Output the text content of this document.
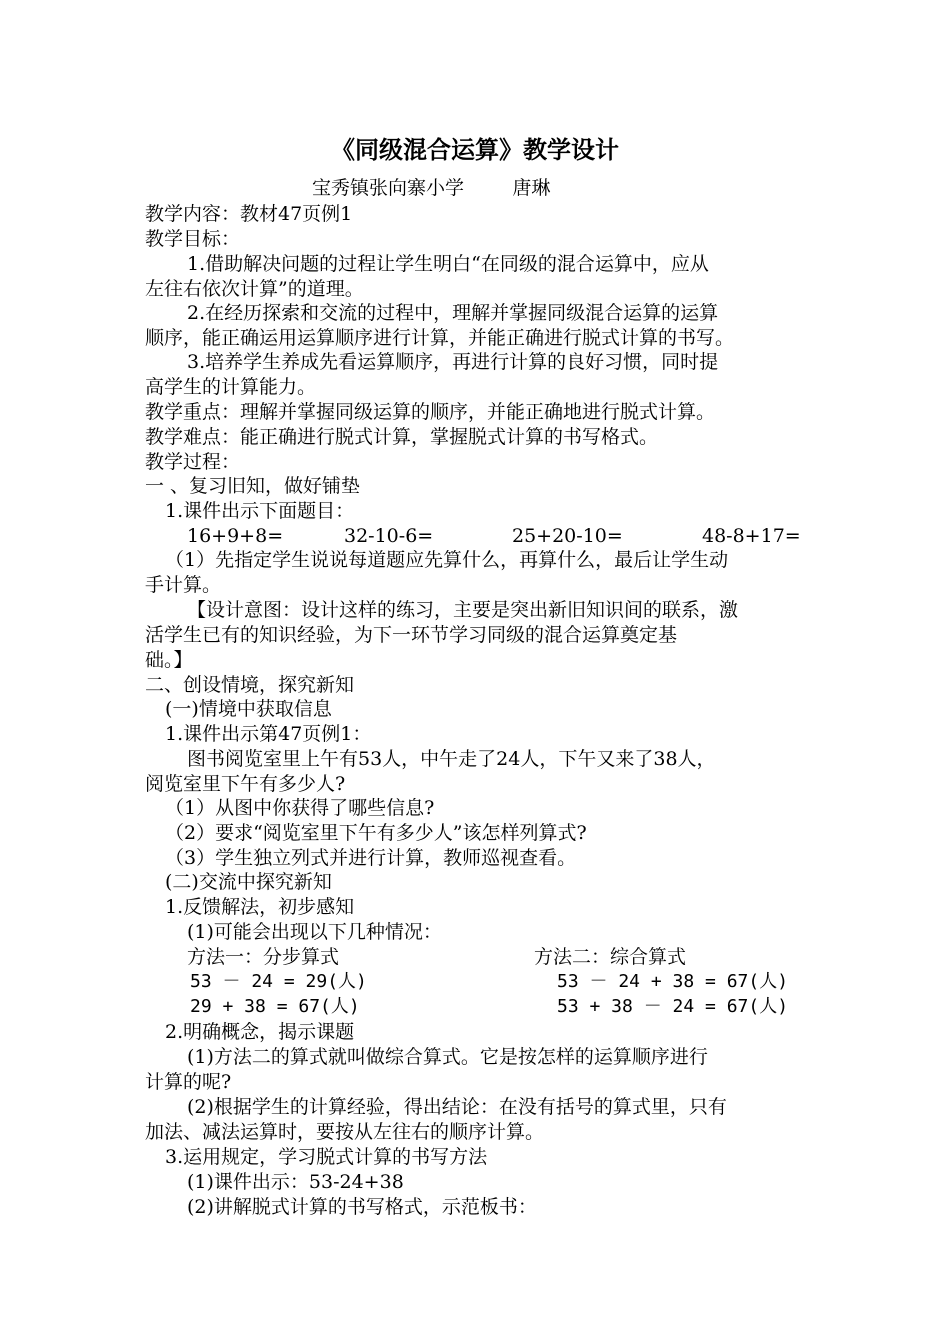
《同级混合运算》教学设计
宝秀镇张向寨小学        唐琳
教学内容：教材47页例1
教学目标：
1.借助解决问题的过程让学生明白“在同级的混合运算中，应从
左往右依次计算”的道理。
2.在经历探索和交流的过程中，理解并掌握同级混合运算的运算
顺序，能正确运用运算顺序进行计算，并能正确进行脱式计算的书写。
3.培养学生养成先看运算顺序，再进行计算的良好习惯，同时提
高学生的计算能力。
教学重点：理解并掌握同级运算的顺序，并能正确地进行脱式计算。
教学难点：能正确进行脱式计算，掌握脱式计算的书写格式。
教学过程：
一 、复习旧知，做好铺垫
1.课件出示下面题目：
16+9+8=	32-10-6=	25+20-10=	48-8+17=
（1）先指定学生说说每道题应先算什么，再算什么，最后让学生动
手计算。
【设计意图：设计这样的练习，主要是突出新旧知识间的联系，激
活学生已有的知识经验，为下一环节学习同级的混合运算奠定基
础。】
二、创设情境，探究新知
(一)情境中获取信息
1.课件出示第47页例1：
图书阅览室里上午有53人，中午走了24人，下午又来了38人，
阅览室里下午有多少人?
（1）从图中你获得了哪些信息?
（2）要求“阅览室里下午有多少人”该怎样列算式?
（3）学生独立列式并进行计算，教师巡视查看。
(二)交流中探究新知
1.反馈解法，初步感知
(1)可能会出现以下几种情况：
方法一：分步算式	方法二：综合算式
53 － 24 = 29(人)	53 － 24 + 38 = 67(人)
29 + 38 = 67(人)	53 + 38 － 24 = 67(人)
2.明确概念，揭示课题
(1)方法二的算式就叫做综合算式。它是按怎样的运算顺序进行
计算的呢?
(2)根据学生的计算经验，得出结论：在没有括号的算式里，只有
加法、减法运算时，要按从左往右的顺序计算。
3.运用规定，学习脱式计算的书写方法
(1)课件出示：53-24+38
(2)讲解脱式计算的书写格式，示范板书：
